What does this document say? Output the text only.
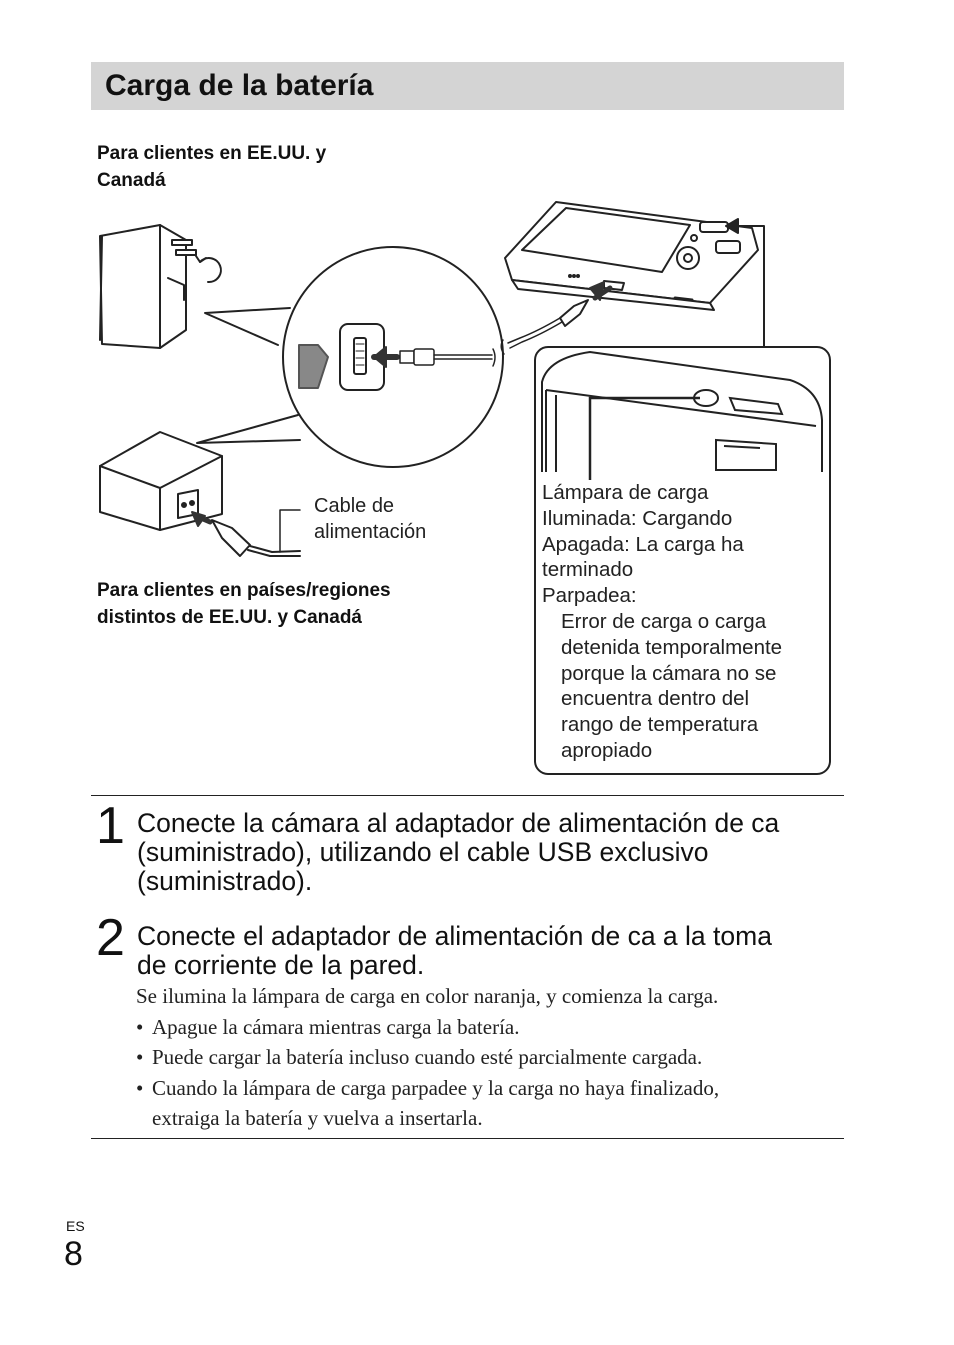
Carga de la batería
Para clientes en EE.UU. y
Canadá
Para clientes en países/regiones
distintos de EE.UU. y Canadá
Cable de
alimentación
Lámpara de carga
Iluminada: Cargando
Apagada: La carga ha
terminado
Parpadea:
Error de carga o carga
detenida temporalmente
porque la cámara no se
encuentra dentro del
rango de temperatura
apropiado
1 Conecte la cámara al adaptador de alimentación de ca
(suministrado), utilizando el cable USB exclusivo
(suministrado).
2 Conecte el adaptador de alimentación de ca a la toma
de corriente de la pared.
Se ilumina la lámpara de carga en color naranja, y comienza la carga.
• Apague la cámara mientras carga la batería.
• Puede cargar la batería incluso cuando esté parcialmente cargada.
• Cuando la lámpara de carga parpadee y la carga no haya finalizado,
extraiga la batería y vuelva a insertarla.
ES
8
